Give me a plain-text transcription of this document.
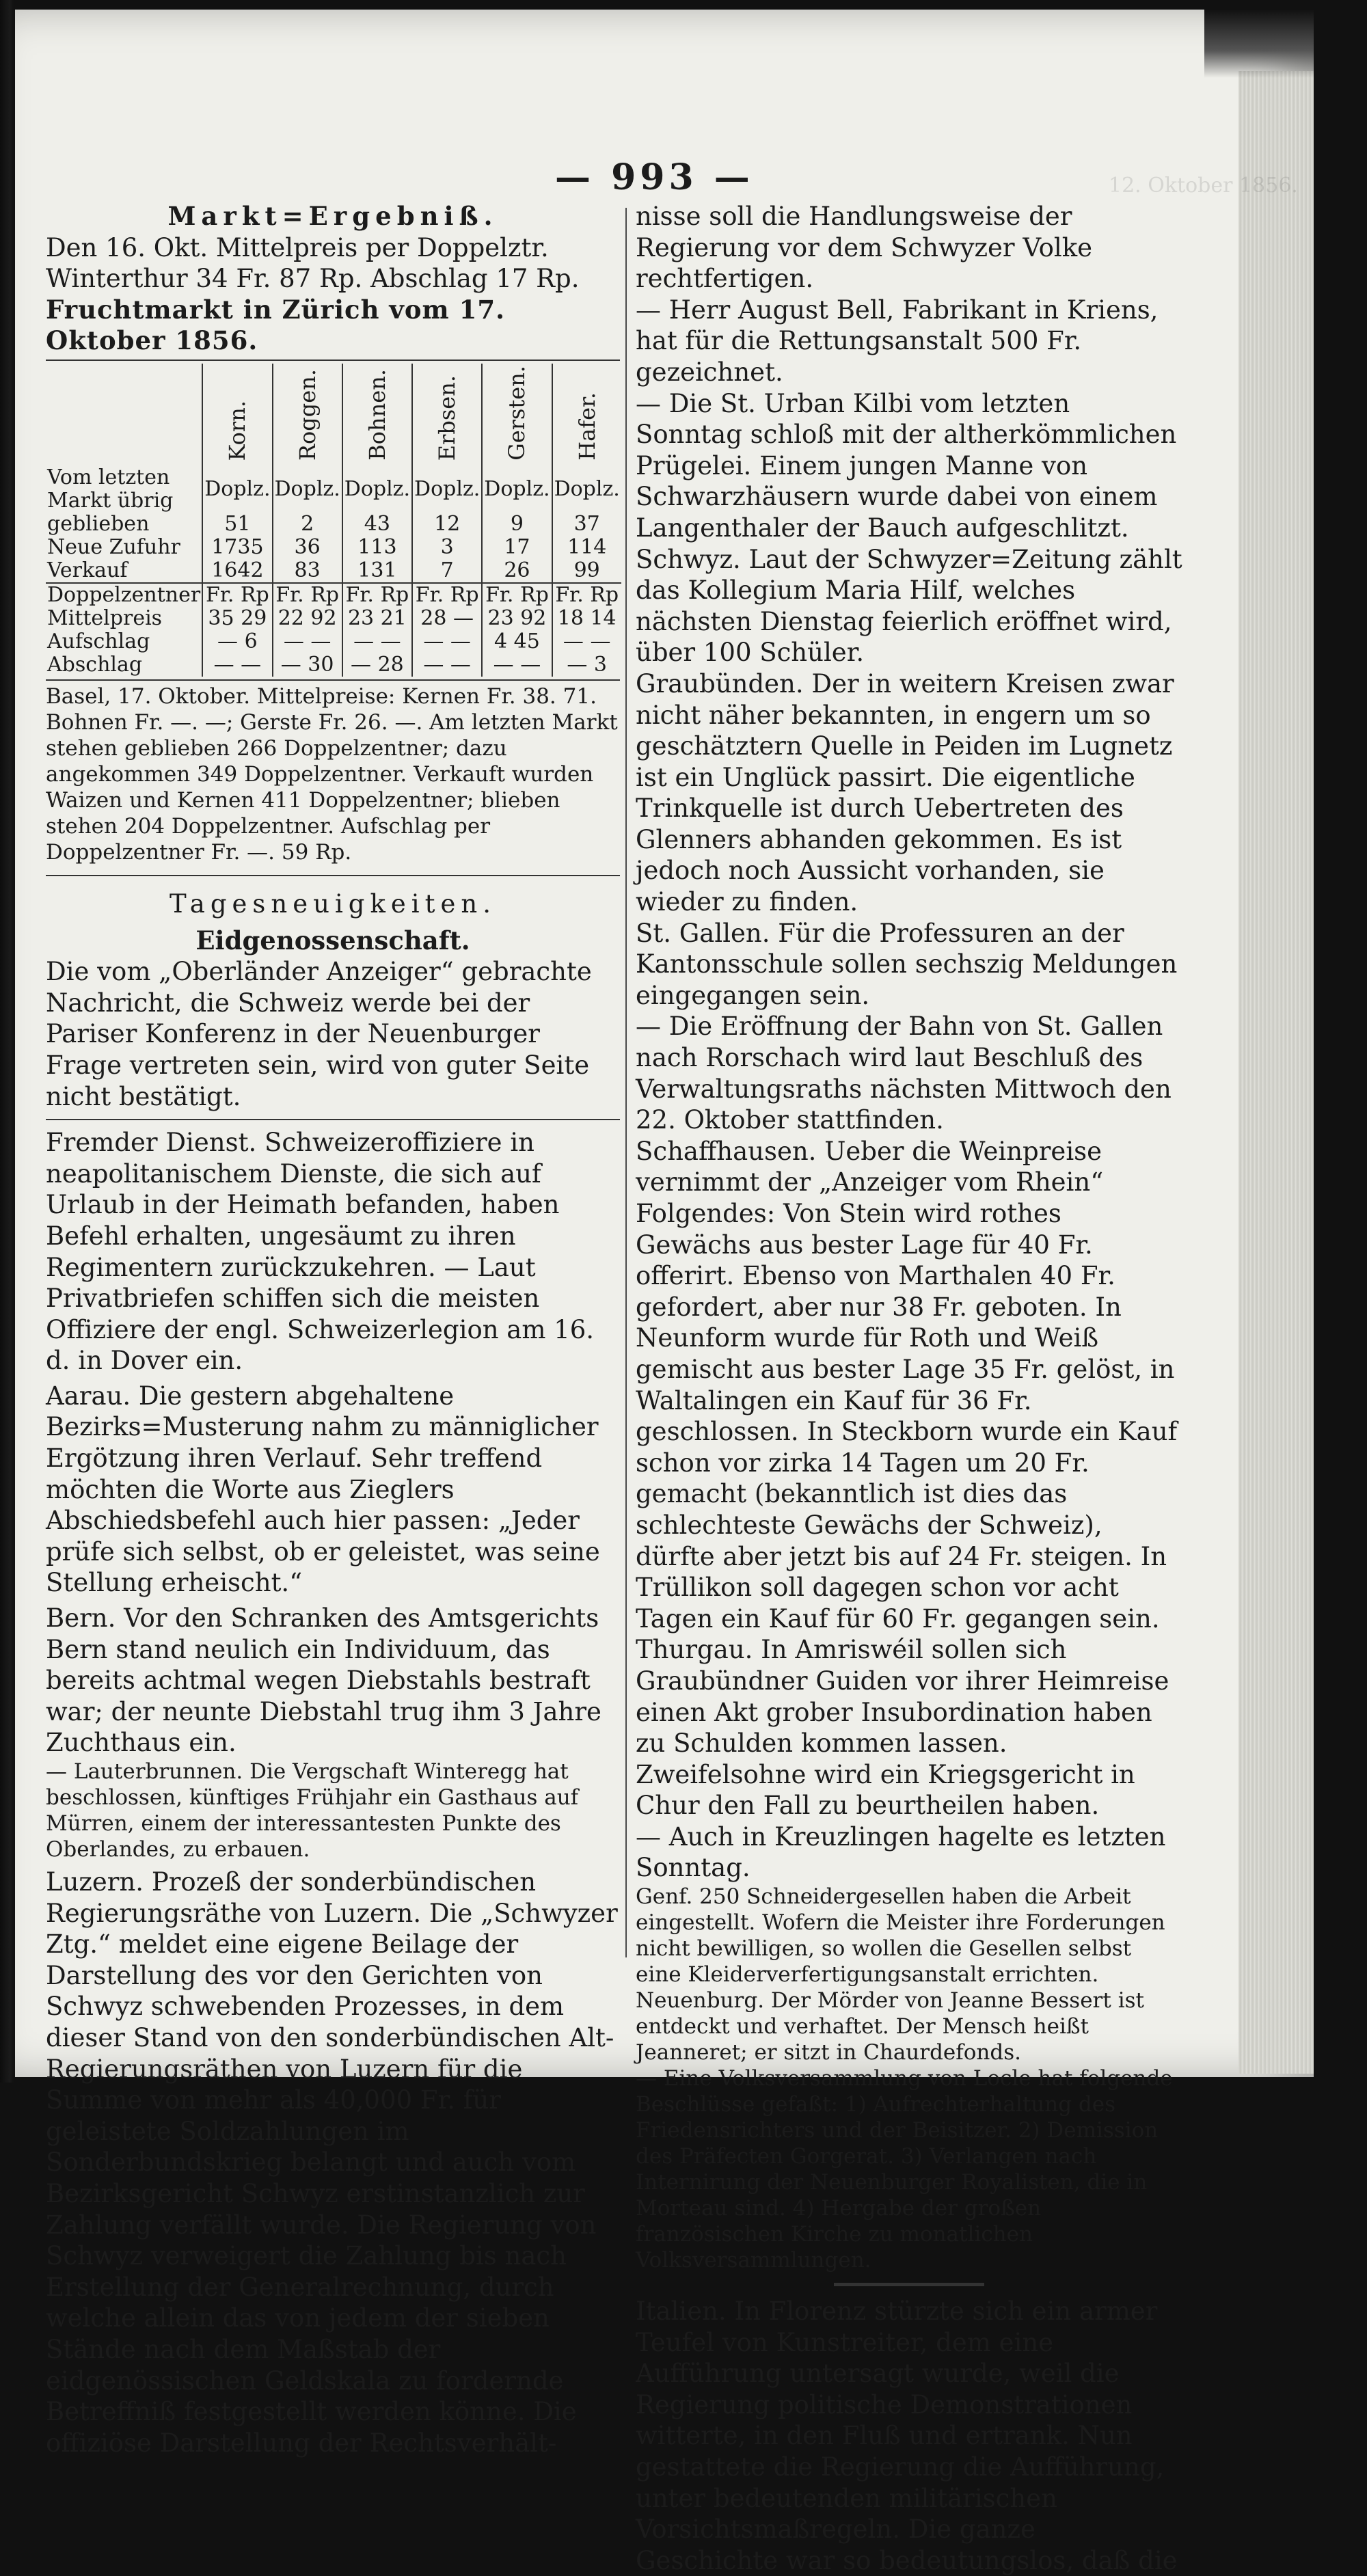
12. Oktober 1856.
— 993 —

Markt=Ergebniß.

Den 16. Okt. Mittelpreis per Doppelztr.

Winterthur 34 Fr. 87 Rp. Abschlag 17 Rp.

Fruchtmarkt in Zürich vom 17. Oktober 1856.

	Korn.	Roggen.	Bohnen.	Erbsen.	Gersten.	Hafer.
Vom letzten Markt übrig	Doplz.	Doplz.	Doplz.	Doplz.	Doplz.	Doplz.
geblieben	51	2	43	12	9	37
Neue Zufuhr	1735	36	113	3	17	114
Verkauf	1642	83	131	7	26	99
Doppelzentner	Fr. Rp	Fr. Rp	Fr. Rp	Fr. Rp	Fr. Rp	Fr. Rp
Mittelpreis	35 29	22 92	23 21	28 —	23 92	18 14
Aufschlag	— 6	— —	— —	— —	4 45	— —
Abschlag	— —	— 30	— 28	— —	— —	— 3

Basel, 17. Oktober. Mittelpreise: Kernen Fr. 38. 71. Bohnen Fr. —. —; Gerste Fr. 26. —. Am letzten Markt stehen geblieben 266 Doppelzentner; dazu angekommen 349 Doppelzentner. Verkauft wurden Waizen und Kernen 411 Doppelzentner; blieben stehen 204 Doppelzentner. Aufschlag per Doppelzentner Fr. —. 59 Rp.

Tagesneuigkeiten.

Eidgenossenschaft.

Die vom „Oberländer Anzeiger“ gebrachte Nachricht, die Schweiz werde bei der Pariser Konferenz in der Neuenburger Frage vertreten sein, wird von guter Seite nicht bestätigt.

Fremder Dienst. Schweizeroffiziere in neapolitanischem Dienste, die sich auf Urlaub in der Heimath befanden, haben Befehl erhalten, ungesäumt zu ihren Regimentern zurückzukehren. — Laut Privatbriefen schiffen sich die meisten Offiziere der engl. Schweizerlegion am 16. d. in Dover ein.

Aarau. Die gestern abgehaltene Bezirks=Musterung nahm zu männiglicher Ergötzung ihren Verlauf. Sehr treffend möchten die Worte aus Zieglers Abschiedsbefehl auch hier passen: „Jeder prüfe sich selbst, ob er geleistet, was seine Stellung erheischt.“

Bern. Vor den Schranken des Amtsgerichts Bern stand neulich ein Individuum, das bereits achtmal wegen Diebstahls bestraft war; der neunte Diebstahl trug ihm 3 Jahre Zuchthaus ein.

— Lauterbrunnen. Die Vergschaft Winteregg hat beschlossen, künftiges Frühjahr ein Gasthaus auf Mürren, einem der interessantesten Punkte des Oberlandes, zu erbauen.

Luzern. Prozeß der sonderbündischen Regierungsräthe von Luzern. Die „Schwyzer Ztg.“ meldet eine eigene Beilage der Darstellung des vor den Gerichten von Schwyz schwebenden Prozesses, in dem dieser Stand von den sonderbündischen Alt-Regierungsräthen von Luzern für die Summe von mehr als 40,000 Fr. für geleistete Soldzahlungen im Sonderbundskrieg belangt und auch vom Bezirksgericht Schwyz erstinstanzlich zur Zahlung verfällt wurde. Die Regierung von Schwyz verweigert die Zahlung bis nach Erstellung der Generalrechnung, durch welche allein das von jedem der sieben Stände nach dem Maßstab der eidgenössischen Geldskala zu fordernde Betreffniß festgestellt werden könne. Die offiziöse Darstellung der Rechtsverhält-

nisse soll die Handlungsweise der Regierung vor dem Schwyzer Volke rechtfertigen.

— Herr August Bell, Fabrikant in Kriens, hat für die Rettungsanstalt 500 Fr. gezeichnet.

— Die St. Urban Kilbi vom letzten Sonntag schloß mit der altherkömmlichen Prügelei. Einem jungen Manne von Schwarzhäusern wurde dabei von einem Langenthaler der Bauch aufgeschlitzt.

Schwyz. Laut der Schwyzer=Zeitung zählt das Kollegium Maria Hilf, welches nächsten Dienstag feierlich eröffnet wird, über 100 Schüler.

Graubünden. Der in weitern Kreisen zwar nicht näher bekannten, in engern um so geschätztern Quelle in Peiden im Lugnetz ist ein Unglück passirt. Die eigentliche Trinkquelle ist durch Uebertreten des Glenners abhanden gekommen. Es ist jedoch noch Aussicht vorhanden, sie wieder zu finden.

St. Gallen. Für die Professuren an der Kantonsschule sollen sechszig Meldungen eingegangen sein.

— Die Eröffnung der Bahn von St. Gallen nach Rorschach wird laut Beschluß des Verwaltungsraths nächsten Mittwoch den 22. Oktober stattfinden.

Schaffhausen. Ueber die Weinpreise vernimmt der „Anzeiger vom Rhein“ Folgendes: Von Stein wird rothes Gewächs aus bester Lage für 40 Fr. offerirt. Ebenso von Marthalen 40 Fr. gefordert, aber nur 38 Fr. geboten. In Neunform wurde für Roth und Weiß gemischt aus bester Lage 35 Fr. gelöst, in Waltalingen ein Kauf für 36 Fr. geschlossen. In Steckborn wurde ein Kauf schon vor zirka 14 Tagen um 20 Fr. gemacht (bekanntlich ist dies das schlechteste Gewächs der Schweiz), dürfte aber jetzt bis auf 24 Fr. steigen. In Trüllikon soll dagegen schon vor acht Tagen ein Kauf für 60 Fr. gegangen sein.

Thurgau. In Amriswéil sollen sich Graubündner Guiden vor ihrer Heimreise einen Akt grober Insubordination haben zu Schulden kommen lassen. Zweifelsohne wird ein Kriegsgericht in Chur den Fall zu beurtheilen haben.

— Auch in Kreuzlingen hagelte es letzten Sonntag.

Genf. 250 Schneidergesellen haben die Arbeit eingestellt. Wofern die Meister ihre Forderungen nicht bewilligen, so wollen die Gesellen selbst eine Kleiderverfertigungsanstalt errichten.

Neuenburg. Der Mörder von Jeanne Bessert ist entdeckt und verhaftet. Der Mensch heißt Jeanneret; er sitzt in Chaurdefonds.

— Eine Volksversammlung von Locle hat folgende Beschlüsse gefaßt: 1) Aufrechterhaltung des Friedensrichters und der Beisitzer. 2) Demission des Präfecten Gorgerat. 3) Verlangen nach Internirung der Neuenburger Royalisten, die in Morteau sind. 4) Hergabe der großen französischen Kirche zu monatlichen Volksversammlungen.

Italien. In Florenz stürzte sich ein armer Teufel von Kunstreiter, dem eine Aufführung untersagt wurde, weil die Regierung politische Demonstrationen witterte, in den Fluß und ertrank. Nun gestattete die Regierung die Aufführung, unter bedeutenden militärischen Vorsichtsmaßregeln. Die ganze Geschichte war so bedeutungslos, daß die
